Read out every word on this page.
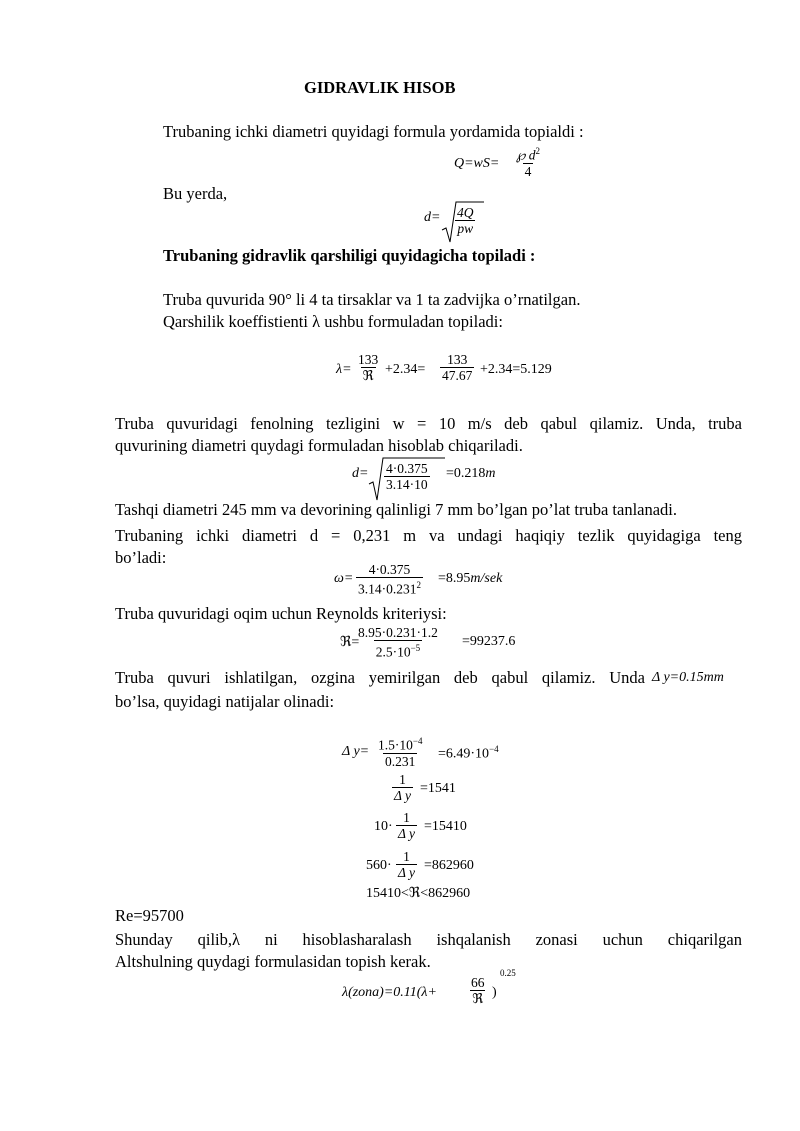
GIDRAVLIK HISOB
Trubaning ichki diametri quyidagi formula yordamida topialdi :
$Q=wS= \frac{℘ d^2}{4}$
Bu yerda,
$d= \frac{4Q}{pw}$
Trubaning gidravlik qarshiligi quyidagicha topiladi :
Truba quvurida 90° li 4 ta tirsaklar va 1 ta zadvijka o’rnatilgan.
Qarshilik koeffistienti λ ushbu formuladan topiladi:
λ=
133
ℜ $+2.34= \frac{133}{47.67} +2.34=5.129$
Truba quvuridagi fenolning tezligini w = 10 m/s deb qabul qilamiz. Unda, truba
quvurining diametri quydagi formuladan hisoblab chiqariladi.
$d= \frac{4\cdot 0.375}{3.14\cdot 10} =0.218m$
Tashqi diametri 245 mm va devorining qalinligi 7 mm bo’lgan po’lat truba tanlanadi.
Trubaning ichki diametri d = 0,231 m va undagi haqiqiy tezlik quyidagiga teng
bo’ladi:
$\omega= \frac{4\cdot 0.375}{3.14\cdot 0.231^2} =8.95m/sek$
Truba quvuridagi oqim uchun Reynolds kriteriysi:
ℜ=
$\frac{8.95\cdot 0.231\cdot 1.2}{2.5\cdot 10^{-5}} =99237.6$
Truba quvuri ishlatilgan, ozgina yemirilgan deb qabul qilamiz. Unda Δ y=0.15mm
bo’lsa, quyidagi natijalar olinadi:
Δ $y= \frac{1.5\cdot 10^{-4}}{0.231} =6.49\cdot 10^{-4}$
$\frac{1}{\text{Δ y}} =1541$
$10\cdot \frac{1}{\text{Δ y}} =15410$
$560\cdot \frac{1}{\text{Δ y}} =862960$
15410<ℜ<862960
Re=95700
Shunday qilib,λ ni hisoblasharalash ishqalanish zonasi uchun chiqarilgan
Altshulning quydagi formulasidan topish kerak.
λ(zona)=0.11(λ+
66
ℜ )
0.25
